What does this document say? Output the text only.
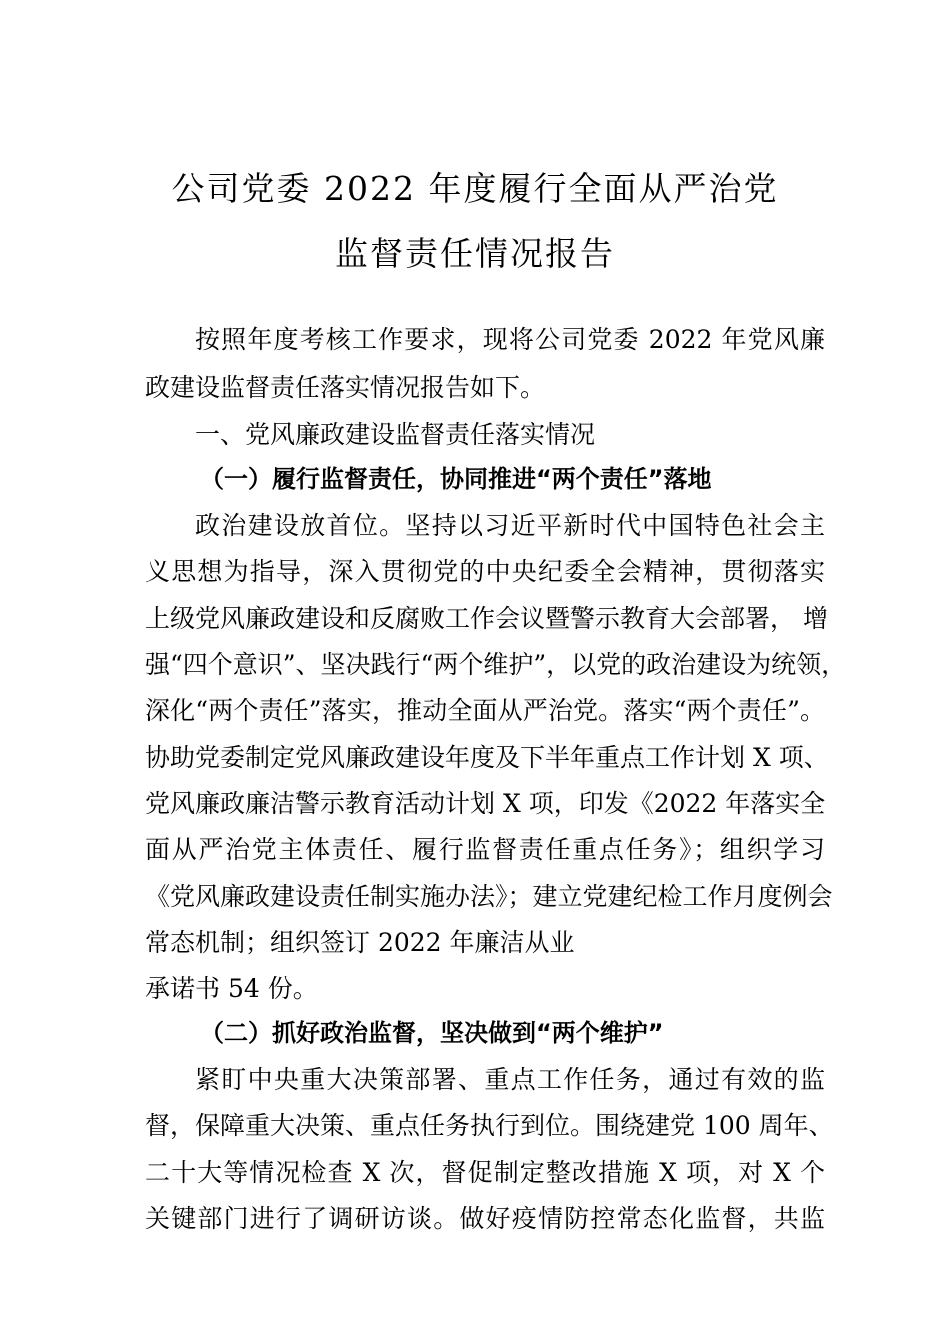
公司党委 2022 年度履行全面从严治党
监督责任情况报告
按照年度考核工作要求，现将公司党委 2022 年党风廉
政建设监督责任落实情况报告如下。
一、党风廉政建设监督责任落实情况
（一）履行监督责任，协同推进“两个责任”落地
政治建设放首位。坚持以习近平新时代中国特色社会主
义思想为指导，深入贯彻党的中央纪委全会精神，贯彻落实
上级党风廉政建设和反腐败工作会议暨警示教育大会部署， 增
强“四个意识”、坚决践行“两个维护”，以党的政治建设为统领，
深化“两个责任”落实，推动全面从严治党。落实“两个责任”。
协助党委制定党风廉政建设年度及下半年重点工作计划 X 项、
党风廉政廉洁警示教育活动计划 X 项，印发《2022 年落实全
面从严治党主体责任、履行监督责任重点任务》；组织学习
《党风廉政建设责任制实施办法》；建立党建纪检工作月度例会
常态机制；组织签订 2022 年廉洁从业
承诺书 54 份。
（二）抓好政治监督，坚决做到“两个维护”
紧盯中央重大决策部署、重点工作任务，通过有效的监
督，保障重大决策、重点任务执行到位。围绕建党 100 周年、
二十大等情况检查 X 次，督促制定整改措施 X 项，对 X 个
关键部门进行了调研访谈。做好疫情防控常态化监督，共监
